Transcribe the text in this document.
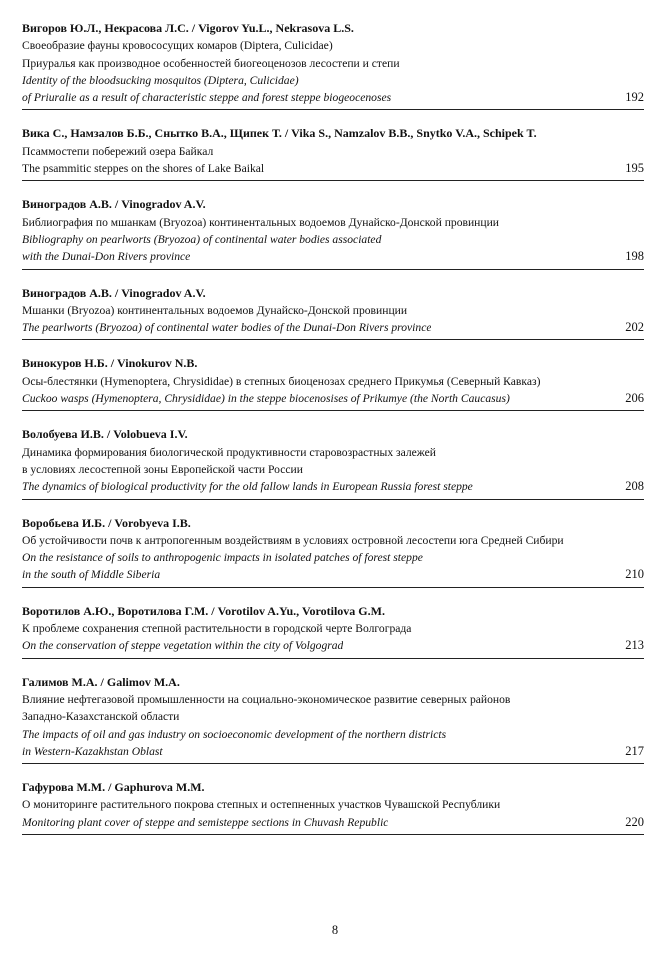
Вигоров Ю.Л., Некрасова Л.С. / Vigorov Yu.L., Nekrasova L.S.
Своеобразие фауны кровососущих комаров (Diptera, Culicidae)
Приуралья как производное особенностей биогеоценозов лесостепи и степи
Identity of the bloodsucking mosquitos (Diptera, Culicidae)
of Priuralie as a result of characteristic steppe and forest steppe biogeocenoses	192
Вика С., Намзалов Б.Б., Снытко В.А., Щипек Т. / Vika S., Namzalov B.B., Snytko V.A., Schipek T.
Псаммостепи побережий озера Байкал
The psammitic steppes on the shores of Lake Baikal	195
Виноградов А.В. / Vinogradov A.V.
Библиография по мшанкам (Bryozoa) континентальных водоемов Дунайско-Донской провинции
Bibliography on pearlworts (Bryozoa) of continental water bodies associated
with the Dunai-Don Rivers province	198
Виноградов А.В. / Vinogradov A.V.
Мшанки (Bryozoa) континентальных водоемов Дунайско-Донской провинции
The pearlworts (Bryozoa) of continental water bodies of the Dunai-Don Rivers province	202
Винокуров Н.Б. / Vinokurov N.B.
Осы-блестянки (Hymenoptera, Chrysididae) в степных биоценозах среднего Прикумья (Северный Кавказ)
Cuckoo wasps (Hymenoptera, Chrysididae) in the steppe biocenosises of Prikumye (the North Caucasus)	206
Волобуева И.В. / Volobueva I.V.
Динамика формирования биологической продуктивности старовозрастных залежей
в условиях лесостепной зоны Европейской части России
The dynamics of biological productivity for the old fallow lands in European Russia forest steppe	208
Воробьева И.Б. / Vorobyeva I.B.
Об устойчивости почв к антропогенным воздействиям в условиях островной лесостепи юга Средней Сибири
On the resistance of soils to anthropogenic impacts in isolated patches of forest steppe
in the south of Middle Siberia	210
Воротилов А.Ю., Воротилова Г.М. / Vorotilov A.Yu., Vorotilova G.M.
К проблеме сохранения степной растительности в городской черте Волгограда
On the conservation of steppe vegetation within the city of Volgograd	213
Галимов М.А. / Galimov M.A.
Влияние нефтегазовой промышленности на социально-экономическое развитие северных районов
Западно-Казахстанской области
The impacts of oil and gas industry on socioeconomic development of the northern districts
in Western-Kazakhstan Oblast	217
Гафурова М.М. / Gaphurova M.M.
О мониторинге растительного покрова степных и остепненных участков Чувашской Республики
Monitoring plant cover of steppe and semisteppe sections in Chuvash Republic	220
8
